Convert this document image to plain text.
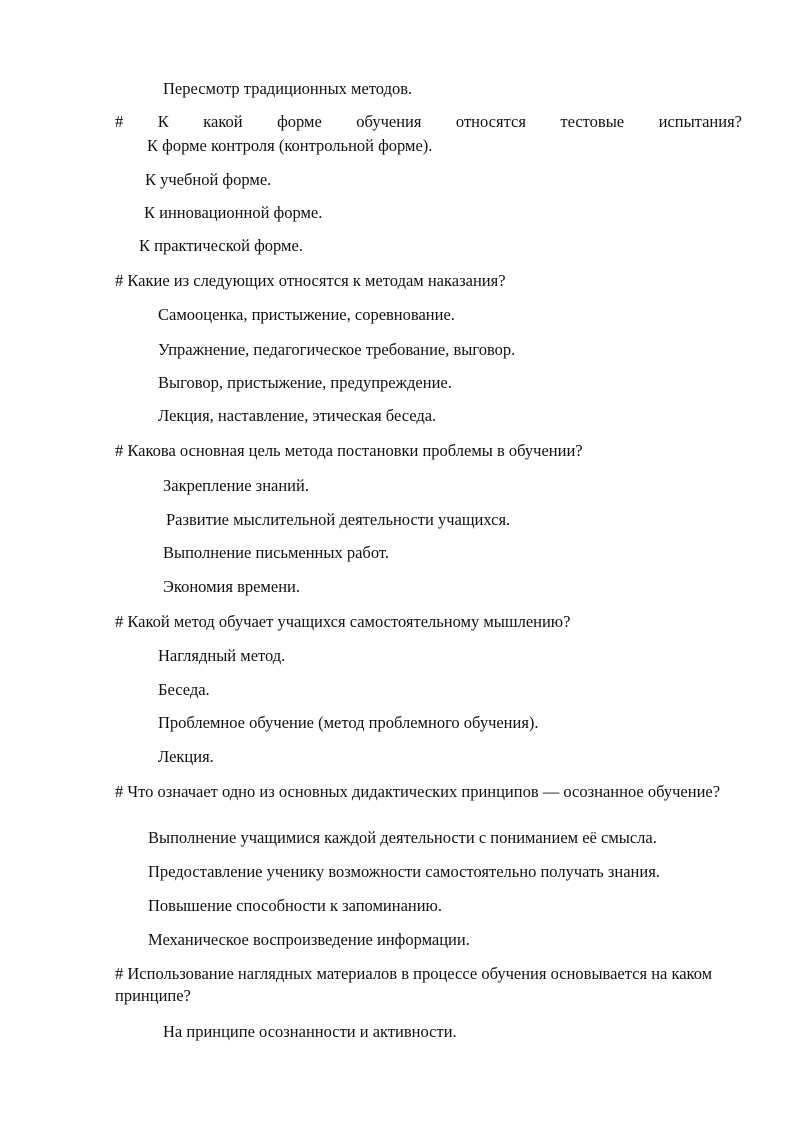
Пересмотр традиционных методов.
# К какой форме обучения относятся тестовые испытания?
К форме контроля (контрольной форме).
К учебной форме.
К инновационной форме.
К практической форме.
# Какие из следующих относятся к методам наказания?
Самооценка, пристыжение, соревнование.
Упражнение, педагогическое требование, выговор.
Выговор, пристыжение, предупреждение.
Лекция, наставление, этическая беседа.
# Какова основная цель метода постановки проблемы в обучении?
Закрепление знаний.
Развитие мыслительной деятельности учащихся.
Выполнение письменных работ.
Экономия времени.
# Какой метод обучает учащихся самостоятельному мышлению?
Наглядный метод.
Беседа.
Проблемное обучение (метод проблемного обучения).
Лекция.
# Что означает одно из основных дидактических принципов — осознанное обучение?
Выполнение учащимися каждой деятельности с пониманием её смысла.
Предоставление ученику возможности самостоятельно получать знания.
Повышение способности к запоминанию.
Механическое воспроизведение информации.
# Использование наглядных материалов в процессе обучения основывается на каком принципе?
На принципе осознанности и активности.
